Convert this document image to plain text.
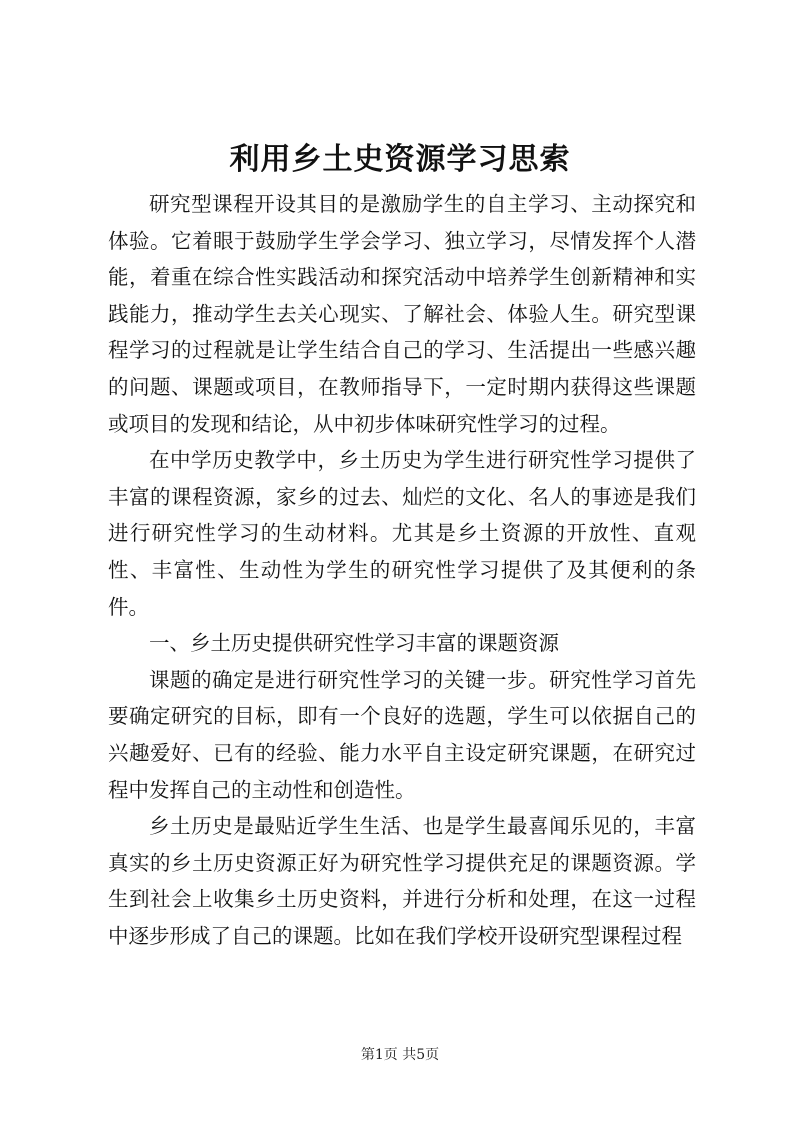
利用乡土史资源学习思索

研究型课程开设其目的是激励学生的自主学习、主动探究和体验。它着眼于鼓励学生学会学习、独立学习，尽情发挥个人潜能，着重在综合性实践活动和探究活动中培养学生创新精神和实践能力，推动学生去关心现实、了解社会、体验人生。研究型课程学习的过程就是让学生结合自己的学习、生活提出一些感兴趣的问题、课题或项目，在教师指导下，一定时期内获得这些课题或项目的发现和结论，从中初步体味研究性学习的过程。

在中学历史教学中，乡土历史为学生进行研究性学习提供了丰富的课程资源，家乡的过去、灿烂的文化、名人的事迹是我们进行研究性学习的生动材料。尤其是乡土资源的开放性、直观性、丰富性、生动性为学生的研究性学习提供了及其便利的条件。

一、乡土历史提供研究性学习丰富的课题资源

课题的确定是进行研究性学习的关键一步。研究性学习首先要确定研究的目标，即有一个良好的选题，学生可以依据自己的兴趣爱好、已有的经验、能力水平自主设定研究课题，在研究过程中发挥自己的主动性和创造性。

乡土历史是最贴近学生生活、也是学生最喜闻乐见的，丰富真实的乡土历史资源正好为研究性学习提供充足的课题资源。学生到社会上收集乡土历史资料，并进行分析和处理，在这一过程中逐步形成了自己的课题。比如在我们学校开设研究型课程过程

第1页 共5页
